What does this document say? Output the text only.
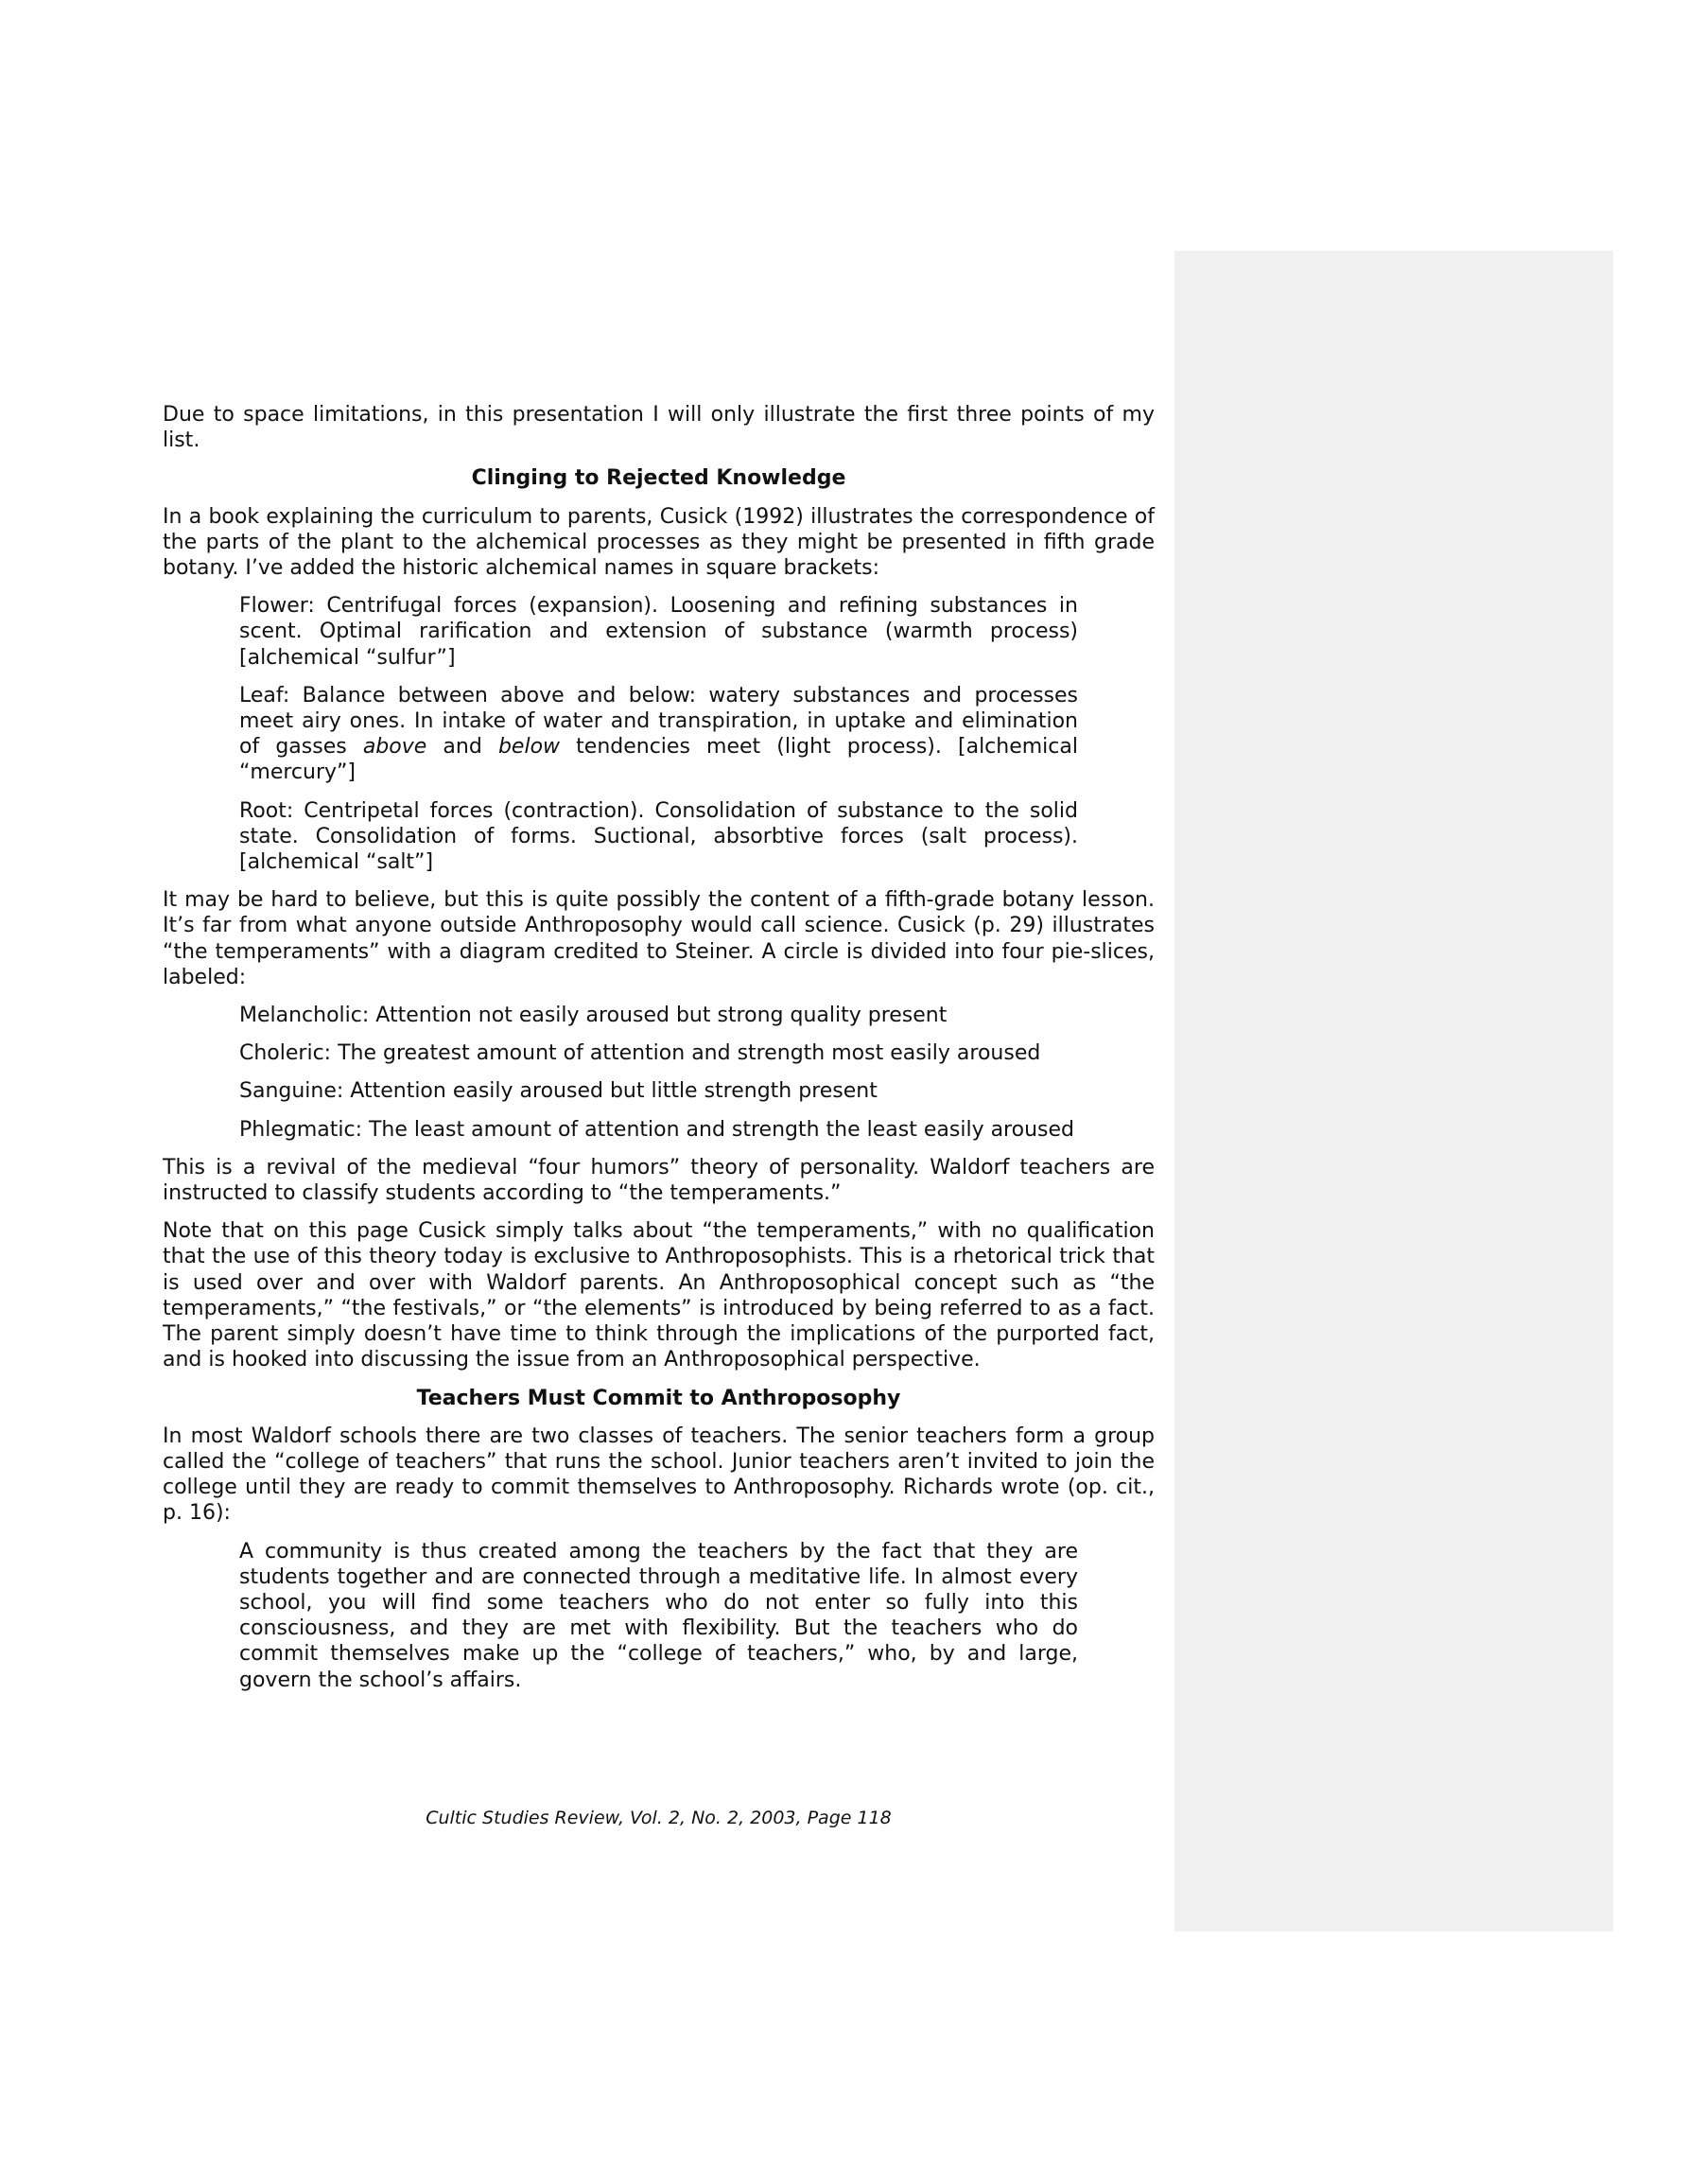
Due to space limitations, in this presentation I will only illustrate the first three points of my list.

Clinging to Rejected Knowledge

In a book explaining the curriculum to parents, Cusick (1992) illustrates the correspondence of the parts of the plant to the alchemical processes as they might be presented in fifth grade botany. I’ve added the historic alchemical names in square brackets:

Flower: Centrifugal forces (expansion). Loosening and refining substances in scent. Optimal rarification and extension of substance (warmth process) [alchemical “sulfur”]

Leaf: Balance between above and below: watery substances and processes meet airy ones. In intake of water and transpiration, in uptake and elimination of gasses above and below tendencies meet (light process). [alchemical “mercury”]

Root: Centripetal forces (contraction). Consolidation of substance to the solid state. Consolidation of forms. Suctional, absorbtive forces (salt process). [alchemical “salt”]

It may be hard to believe, but this is quite possibly the content of a fifth-grade botany lesson. It’s far from what anyone outside Anthroposophy would call science. Cusick (p. 29) illustrates “the temperaments” with a diagram credited to Steiner. A circle is divided into four pie-slices, labeled:

Melancholic: Attention not easily aroused but strong quality present

Choleric: The greatest amount of attention and strength most easily aroused

Sanguine: Attention easily aroused but little strength present

Phlegmatic: The least amount of attention and strength the least easily aroused

This is a revival of the medieval “four humors” theory of personality. Waldorf teachers are instructed to classify students according to “the temperaments.”

Note that on this page Cusick simply talks about “the temperaments,” with no qualification that the use of this theory today is exclusive to Anthroposophists. This is a rhetorical trick that is used over and over with Waldorf parents. An Anthroposophical concept such as “the temperaments,” “the festivals,” or “the elements” is introduced by being referred to as a fact. The parent simply doesn’t have time to think through the implications of the purported fact, and is hooked into discussing the issue from an Anthroposophical perspective.

Teachers Must Commit to Anthroposophy

In most Waldorf schools there are two classes of teachers. The senior teachers form a group called the “college of teachers” that runs the school. Junior teachers aren’t invited to join the college until they are ready to commit themselves to Anthroposophy. Richards wrote (op. cit., p. 16):

A community is thus created among the teachers by the fact that they are students together and are connected through a meditative life. In almost every school, you will find some teachers who do not enter so fully into this consciousness, and they are met with flexibility. But the teachers who do commit themselves make up the “college of teachers,” who, by and large, govern the school’s affairs.

Cultic Studies Review, Vol. 2, No. 2, 2003, Page 118
